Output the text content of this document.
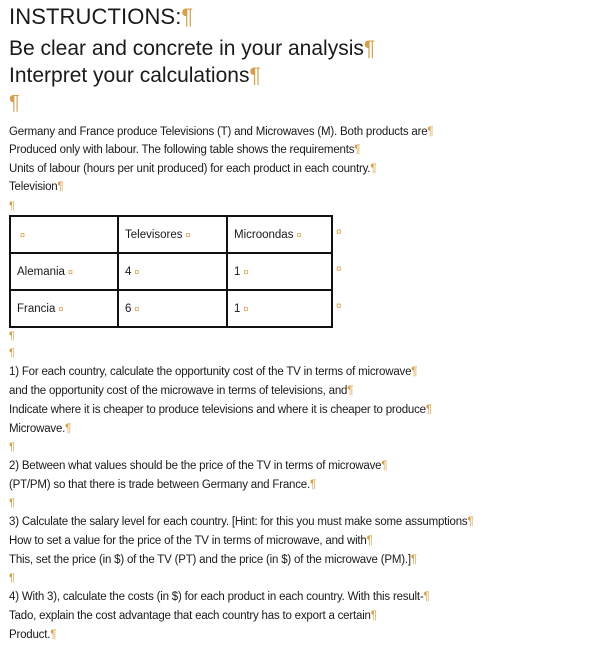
INSTRUCTIONS:¶
Be clear and concrete in your analysis¶
Interpret your calculations¶
¶
Germany and France produce Televisions (T) and Microwaves (M). Both products are¶
Produced only with labour. The following table shows the requirements¶
Units of labour (hours per unit produced) for each product in each country.¶
Television¶
¶
¤	Televisores ¤	Microondas ¤
Alemania ¤	4 ¤	1 ¤
Francia ¤	6 ¤	1 ¤
¤
¤
¤
¶
¶
1) For each country, calculate the opportunity cost of the TV in terms of microwave¶
and the opportunity cost of the microwave in terms of televisions, and¶
Indicate where it is cheaper to produce televisions and where it is cheaper to produce¶
Microwave.¶
¶
2) Between what values should be the price of the TV in terms of microwave¶
(PT/PM) so that there is trade between Germany and France.¶
¶
3) Calculate the salary level for each country. [Hint: for this you must make some assumptions¶
How to set a value for the price of the TV in terms of microwave, and with¶
This, set the price (in $) of the TV (PT) and the price (in $) of the microwave (PM).]¶
¶
4) With 3), calculate the costs (in $) for each product in each country. With this result-¶
Tado, explain the cost advantage that each country has to export a certain¶
Product.¶
